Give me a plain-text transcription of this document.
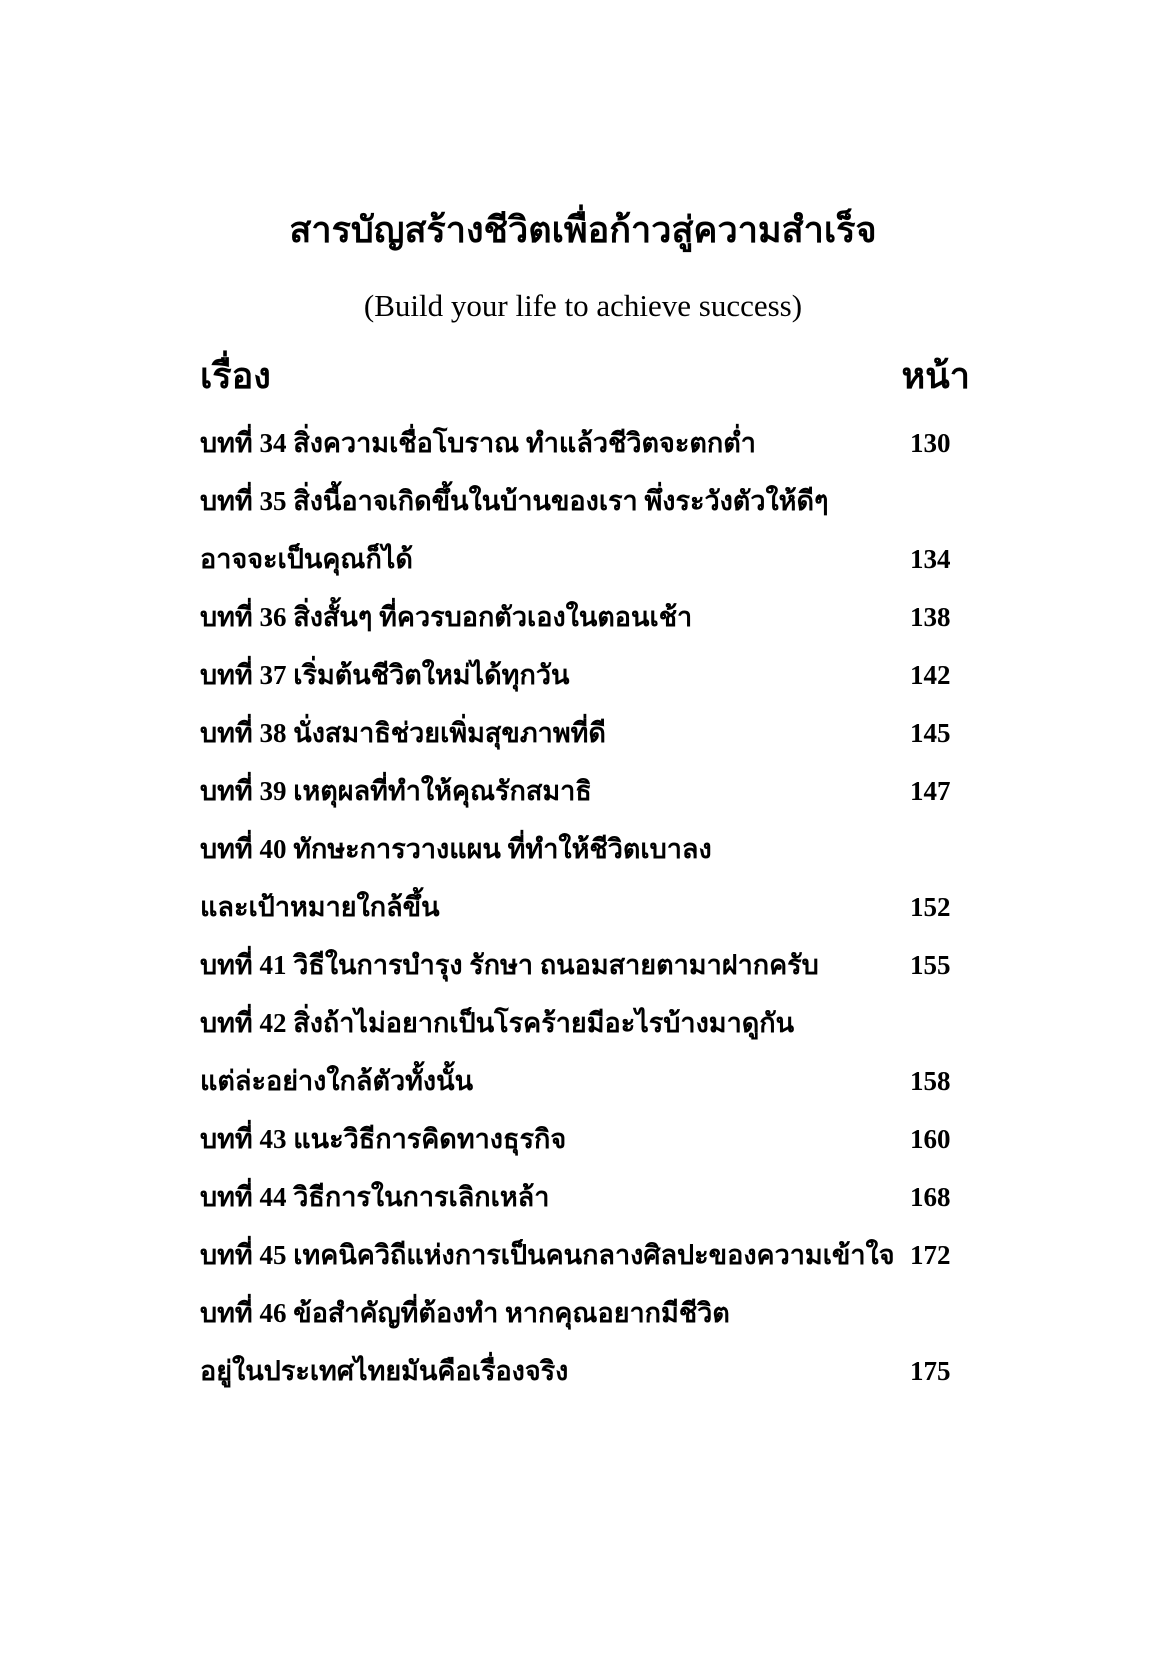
สารบัญสร้างชีวิตเพื่อก้าวสู่ความสำเร็จ
(Build your life to achieve success)
เรื่อง	หน้า
บทที่ 34 สิ่งความเชื่อโบราณ ทำแล้วชีวิตจะตกต่ำ	130
บทที่ 35 สิ่งนี้อาจเกิดขึ้นในบ้านของเรา พึ่งระวังตัวให้ดีๆ
อาจจะเป็นคุณก็ได้	134
บทที่ 36 สิ่งสั้นๆ ที่ควรบอกตัวเองในตอนเช้า	138
บทที่ 37 เริ่มต้นชีวิตใหม่ได้ทุกวัน	142
บทที่ 38 นั่งสมาธิช่วยเพิ่มสุขภาพที่ดี	145
บทที่ 39 เหตุผลที่ทำให้คุณรักสมาธิ	147
บทที่ 40 ทักษะการวางแผน ที่ทำให้ชีวิตเบาลง
และเป้าหมายใกล้ขึ้น	152
บทที่ 41 วิธีในการบำรุง รักษา ถนอมสายตามาฝากครับ	155
บทที่ 42 สิ่งถ้าไม่อยากเป็นโรคร้ายมีอะไรบ้างมาดูกัน
แต่ล่ะอย่างใกล้ตัวทั้งนั้น	158
บทที่ 43 แนะวิธีการคิดทางธุรกิจ	160
บทที่ 44 วิธีการในการเลิกเหล้า	168
บทที่ 45 เทคนิควิถีแห่งการเป็นคนกลางศิลปะของความเข้าใจ 172
บทที่ 46 ข้อสำคัญที่ต้องทำ หากคุณอยากมีชีวิต
อยู่ในประเทศไทยมันคือเรื่องจริง	175
